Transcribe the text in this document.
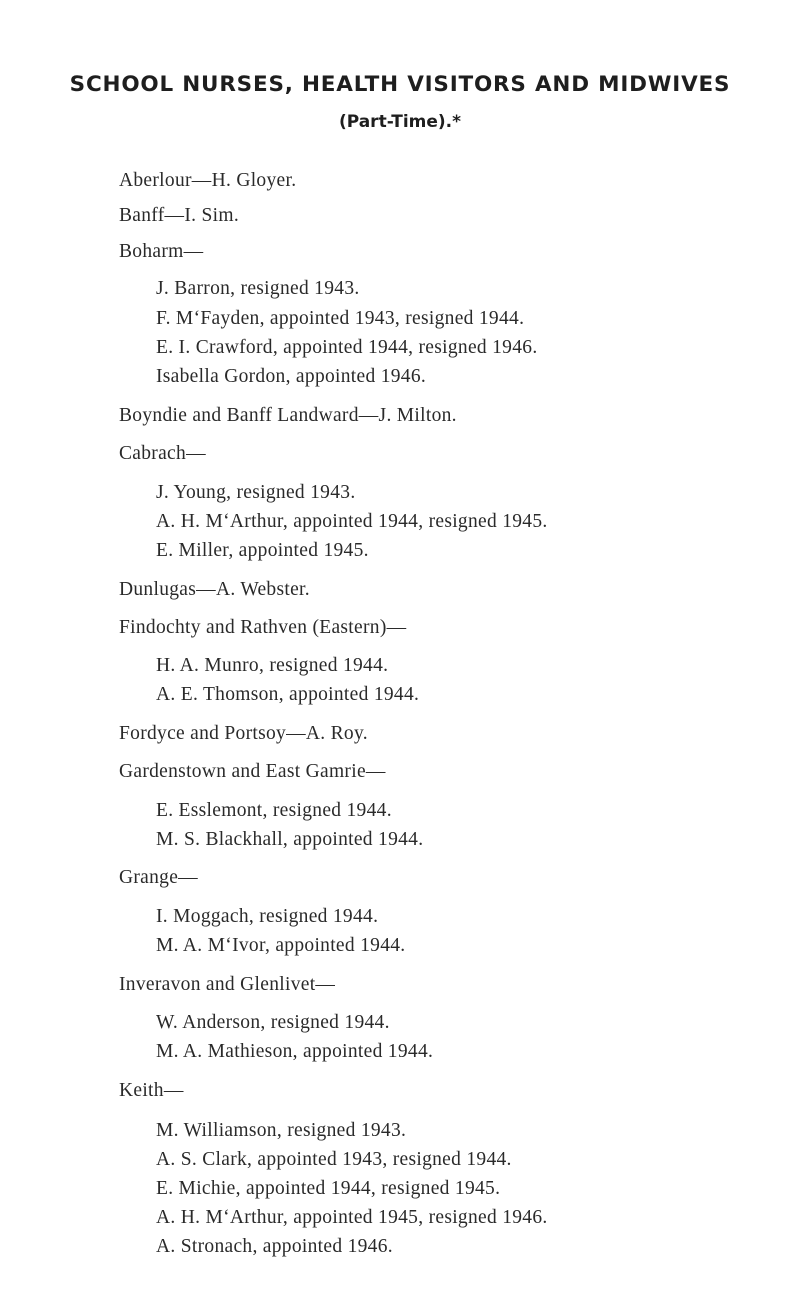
SCHOOL NURSES, HEALTH VISITORS AND MIDWIVES
(Part-Time).*
Aberlour—H. Gloyer.
Banff—I. Sim.
Boharm—
J. Barron, resigned 1943.
F. M‘Fayden, appointed 1943, resigned 1944.
E. I. Crawford, appointed 1944, resigned 1946.
Isabella Gordon, appointed 1946.
Boyndie and Banff Landward—J. Milton.
Cabrach—
J. Young, resigned 1943.
A. H. M‘Arthur, appointed 1944, resigned 1945.
E. Miller, appointed 1945.
Dunlugas—A. Webster.
Findochty and Rathven (Eastern)—
H. A. Munro, resigned 1944.
A. E. Thomson, appointed 1944.
Fordyce and Portsoy—A. Roy.
Gardenstown and East Gamrie—
E. Esslemont, resigned 1944.
M. S. Blackhall, appointed 1944.
Grange—
I. Moggach, resigned 1944.
M. A. M‘Ivor, appointed 1944.
Inveravon and Glenlivet—
W. Anderson, resigned 1944.
M. A. Mathieson, appointed 1944.
Keith—
M. Williamson, resigned 1943.
A. S. Clark, appointed 1943, resigned 1944.
E. Michie, appointed 1944, resigned 1945.
A. H. M‘Arthur, appointed 1945, resigned 1946.
A. Stronach, appointed 1946.
